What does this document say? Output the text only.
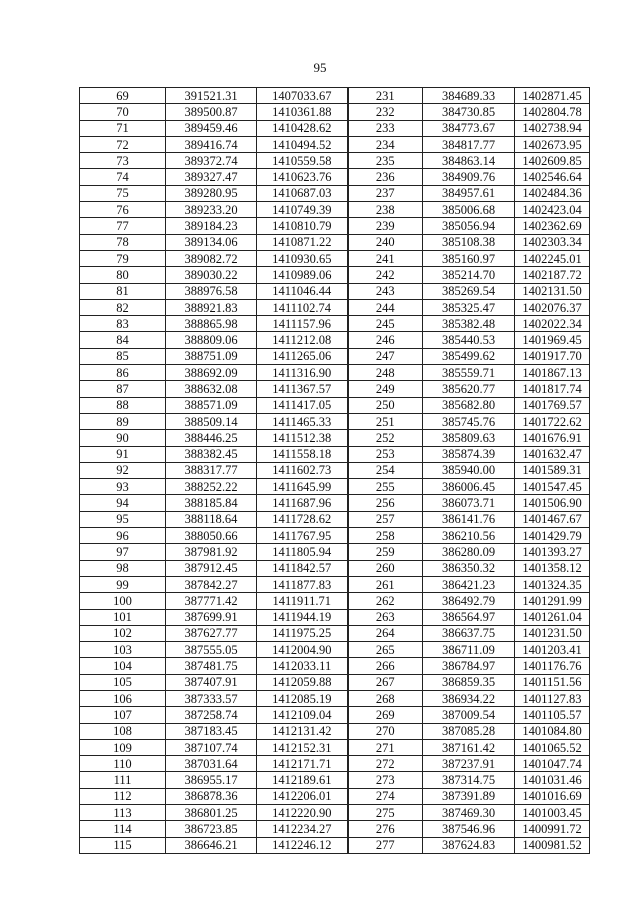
95
69	391521.31	1407033.67	231	384689.33	1402871.45
70	389500.87	1410361.88	232	384730.85	1402804.78
71	389459.46	1410428.62	233	384773.67	1402738.94
72	389416.74	1410494.52	234	384817.77	1402673.95
73	389372.74	1410559.58	235	384863.14	1402609.85
74	389327.47	1410623.76	236	384909.76	1402546.64
75	389280.95	1410687.03	237	384957.61	1402484.36
76	389233.20	1410749.39	238	385006.68	1402423.04
77	389184.23	1410810.79	239	385056.94	1402362.69
78	389134.06	1410871.22	240	385108.38	1402303.34
79	389082.72	1410930.65	241	385160.97	1402245.01
80	389030.22	1410989.06	242	385214.70	1402187.72
81	388976.58	1411046.44	243	385269.54	1402131.50
82	388921.83	1411102.74	244	385325.47	1402076.37
83	388865.98	1411157.96	245	385382.48	1402022.34
84	388809.06	1411212.08	246	385440.53	1401969.45
85	388751.09	1411265.06	247	385499.62	1401917.70
86	388692.09	1411316.90	248	385559.71	1401867.13
87	388632.08	1411367.57	249	385620.77	1401817.74
88	388571.09	1411417.05	250	385682.80	1401769.57
89	388509.14	1411465.33	251	385745.76	1401722.62
90	388446.25	1411512.38	252	385809.63	1401676.91
91	388382.45	1411558.18	253	385874.39	1401632.47
92	388317.77	1411602.73	254	385940.00	1401589.31
93	388252.22	1411645.99	255	386006.45	1401547.45
94	388185.84	1411687.96	256	386073.71	1401506.90
95	388118.64	1411728.62	257	386141.76	1401467.67
96	388050.66	1411767.95	258	386210.56	1401429.79
97	387981.92	1411805.94	259	386280.09	1401393.27
98	387912.45	1411842.57	260	386350.32	1401358.12
99	387842.27	1411877.83	261	386421.23	1401324.35
100	387771.42	1411911.71	262	386492.79	1401291.99
101	387699.91	1411944.19	263	386564.97	1401261.04
102	387627.77	1411975.25	264	386637.75	1401231.50
103	387555.05	1412004.90	265	386711.09	1401203.41
104	387481.75	1412033.11	266	386784.97	1401176.76
105	387407.91	1412059.88	267	386859.35	1401151.56
106	387333.57	1412085.19	268	386934.22	1401127.83
107	387258.74	1412109.04	269	387009.54	1401105.57
108	387183.45	1412131.42	270	387085.28	1401084.80
109	387107.74	1412152.31	271	387161.42	1401065.52
110	387031.64	1412171.71	272	387237.91	1401047.74
111	386955.17	1412189.61	273	387314.75	1401031.46
112	386878.36	1412206.01	274	387391.89	1401016.69
113	386801.25	1412220.90	275	387469.30	1401003.45
114	386723.85	1412234.27	276	387546.96	1400991.72
115	386646.21	1412246.12	277	387624.83	1400981.52
